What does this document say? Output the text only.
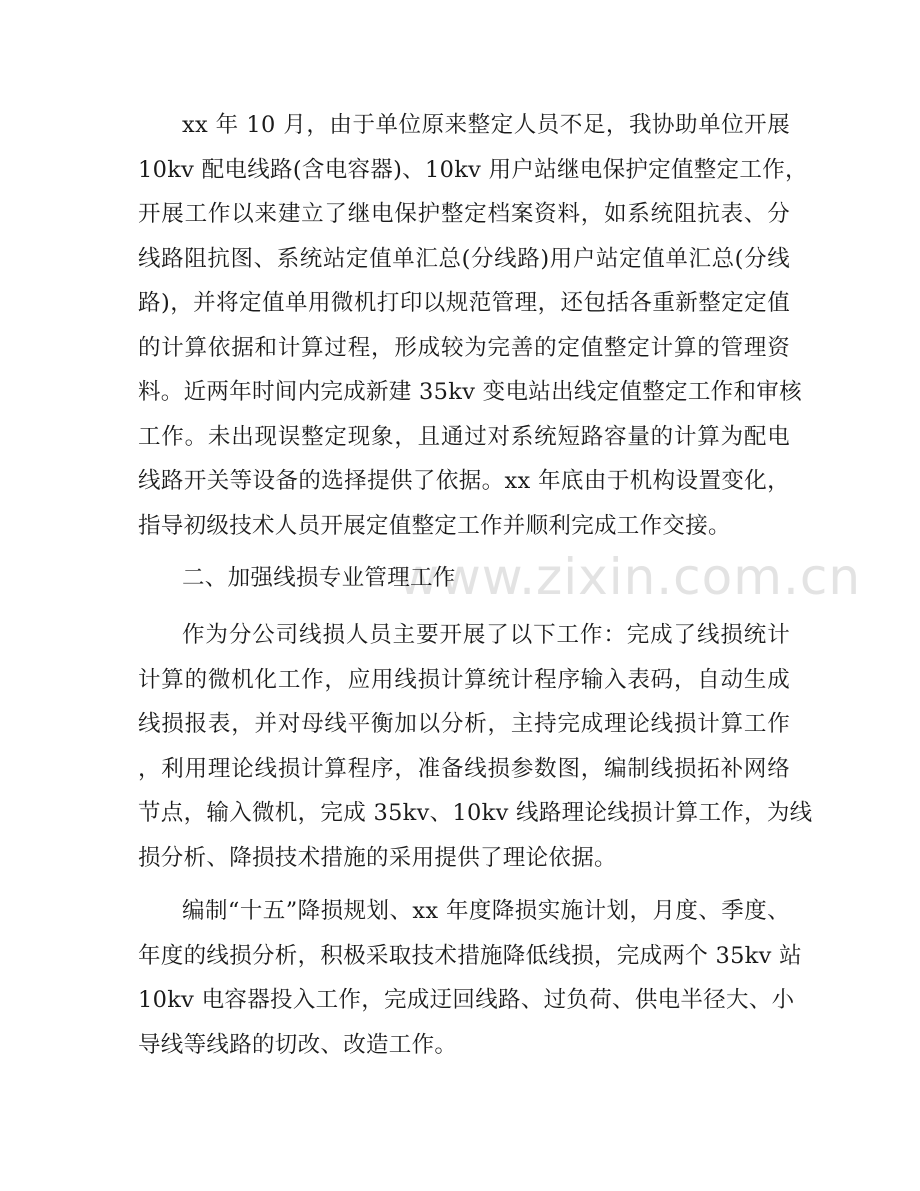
www.zixin.com.cn
xx 年 10 月，由于单位原来整定人员不足，我协助单位开展
10kv 配电线路(含电容器)、10kv 用户站继电保护定值整定工作，
开展工作以来建立了继电保护整定档案资料，如系统阻抗表、分
线路阻抗图、系统站定值单汇总(分线路)用户站定值单汇总(分线
路)，并将定值单用微机打印以规范管理，还包括各重新整定定值
的计算依据和计算过程，形成较为完善的定值整定计算的管理资
料。近两年时间内完成新建 35kv 变电站出线定值整定工作和审核
工作。未出现误整定现象，且通过对系统短路容量的计算为配电
线路开关等设备的选择提供了依据。xx 年底由于机构设置变化，
指导初级技术人员开展定值整定工作并顺利完成工作交接。
二、加强线损专业管理工作
作为分公司线损人员主要开展了以下工作：完成了线损统计
计算的微机化工作，应用线损计算统计程序输入表码，自动生成
线损报表，并对母线平衡加以分析，主持完成理论线损计算工作
，利用理论线损计算程序，准备线损参数图，编制线损拓补网络
节点，输入微机，完成 35kv、10kv 线路理论线损计算工作，为线
损分析、降损技术措施的采用提供了理论依据。
编制“十五”降损规划、xx 年度降损实施计划，月度、季度、
年度的线损分析，积极采取技术措施降低线损，完成两个 35kv 站
10kv 电容器投入工作，完成迂回线路、过负荷、供电半径大、小
导线等线路的切改、改造工作。
